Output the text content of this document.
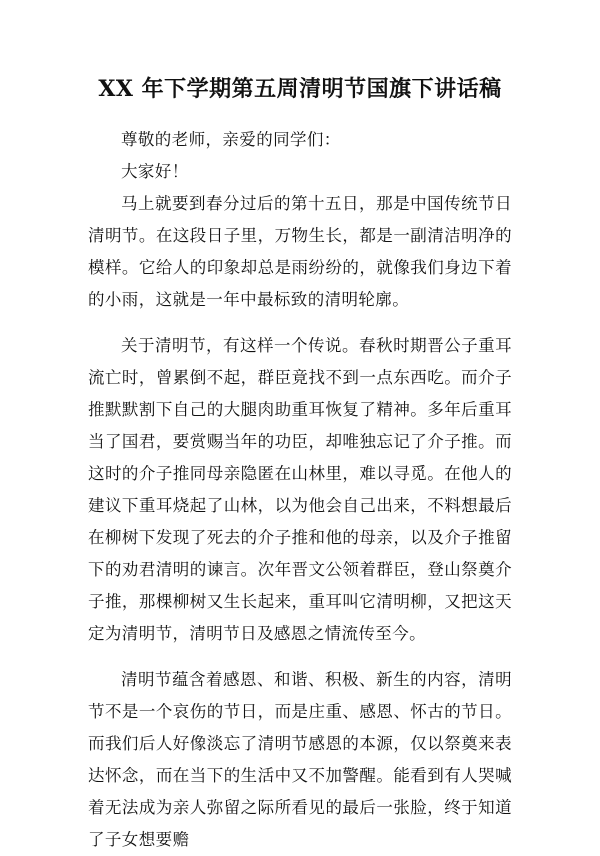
XX 年下学期第五周清明节国旗下讲话稿

尊敬的老师，亲爱的同学们：

大家好！

马上就要到春分过后的第十五日，那是中国传统节日清明节。在这段日子里，万物生长，都是一副清洁明净的模样。它给人的印象却总是雨纷纷的，就像我们身边下着的小雨，这就是一年中最标致的清明轮廓。

关于清明节，有这样一个传说。春秋时期晋公子重耳流亡时，曾累倒不起，群臣竟找不到一点东西吃。而介子推默默割下自己的大腿肉助重耳恢复了精神。多年后重耳当了国君，要赏赐当年的功臣，却唯独忘记了介子推。而这时的介子推同母亲隐匿在山林里，难以寻觅。在他人的建议下重耳烧起了山林，以为他会自己出来，不料想最后在柳树下发现了死去的介子推和他的母亲，以及介子推留下的劝君清明的谏言。次年晋文公领着群臣，登山祭奠介子推，那棵柳树又生长起来，重耳叫它清明柳，又把这天定为清明节，清明节日及感恩之情流传至今。

清明节蕴含着感恩、和谐、积极、新生的内容，清明节不是一个哀伤的节日，而是庄重、感恩、怀古的节日。而我们后人好像淡忘了清明节感恩的本源，仅以祭奠来表达怀念，而在当下的生活中又不加警醒。能看到有人哭喊着无法成为亲人弥留之际所看见的最后一张脸，终于知道了子女想要赡
